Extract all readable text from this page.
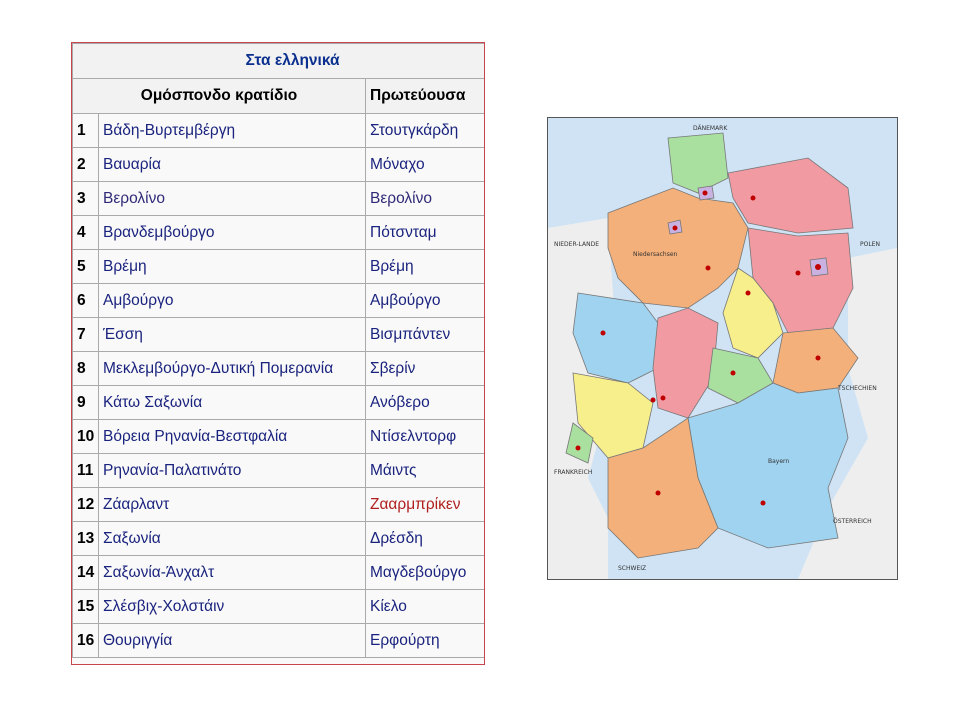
Στα ελληνικά		
Ομόσπονδο κρατίδιο		Πρωτεύουσα
1	Βάδη-Βυρτεμβέργη	Στουτγκάρδη
2	Βαυαρία	Μόναχο
3	Βερολίνο	Βερολίνο
4	Βρανδεμβούργο	Πότσνταμ
5	Βρέμη	Βρέμη
6	Αμβούργο	Αμβούργο
7	Έσση	Βισμπάντεν
8	Μεκλεμβούργο-Δυτική Πομερανία	Σβερίν
9	Κάτω Σαξωνία	Ανόβερο
10	Βόρεια Ρηνανία-Βεστφαλία	Ντίσελντορφ
11	Ρηνανία-Παλατινάτο	Μάιντς
12	Ζάαρλαντ	Ζααρμπρίκεν
13	Σαξωνία	Δρέσδη
14	Σαξωνία-Άνχαλτ	Μαγδεβούργο
15	Σλέσβιχ-Χολστάιν	Κίελο
16	Θουριγγία	Ερφούρτη
DÄNEMARK
POLEN
NIEDER-LANDE
TSCHECHIEN
FRANKREICH
SCHWEIZ
ÖSTERREICH
Bayern
Niedersachsen
